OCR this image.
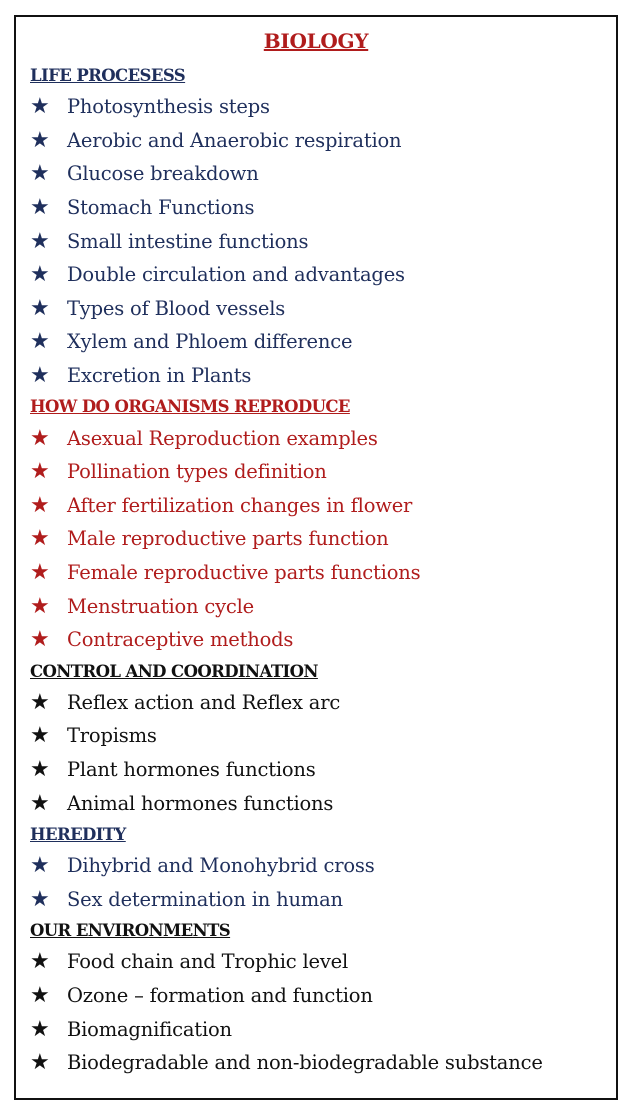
BIOLOGY
LIFE PROCESESS
★ Photosynthesis steps
★ Aerobic and Anaerobic respiration
★ Glucose breakdown
★ Stomach Functions
★ Small intestine functions
★ Double circulation and advantages
★ Types of Blood vessels
★ Xylem and Phloem difference
★ Excretion in Plants
HOW DO ORGANISMS REPRODUCE
★ Asexual Reproduction examples
★ Pollination types definition
★ After fertilization changes in flower
★ Male reproductive parts function
★ Female reproductive parts functions
★ Menstruation cycle
★ Contraceptive methods
CONTROL AND COORDINATION
★ Reflex action and Reflex arc
★ Tropisms
★ Plant hormones functions
★ Animal hormones functions
HEREDITY
★ Dihybrid and Monohybrid cross
★ Sex determination in human
OUR ENVIRONMENTS
★ Food chain and Trophic level
★ Ozone – formation and function
★ Biomagnification
★ Biodegradable and non-biodegradable substance
